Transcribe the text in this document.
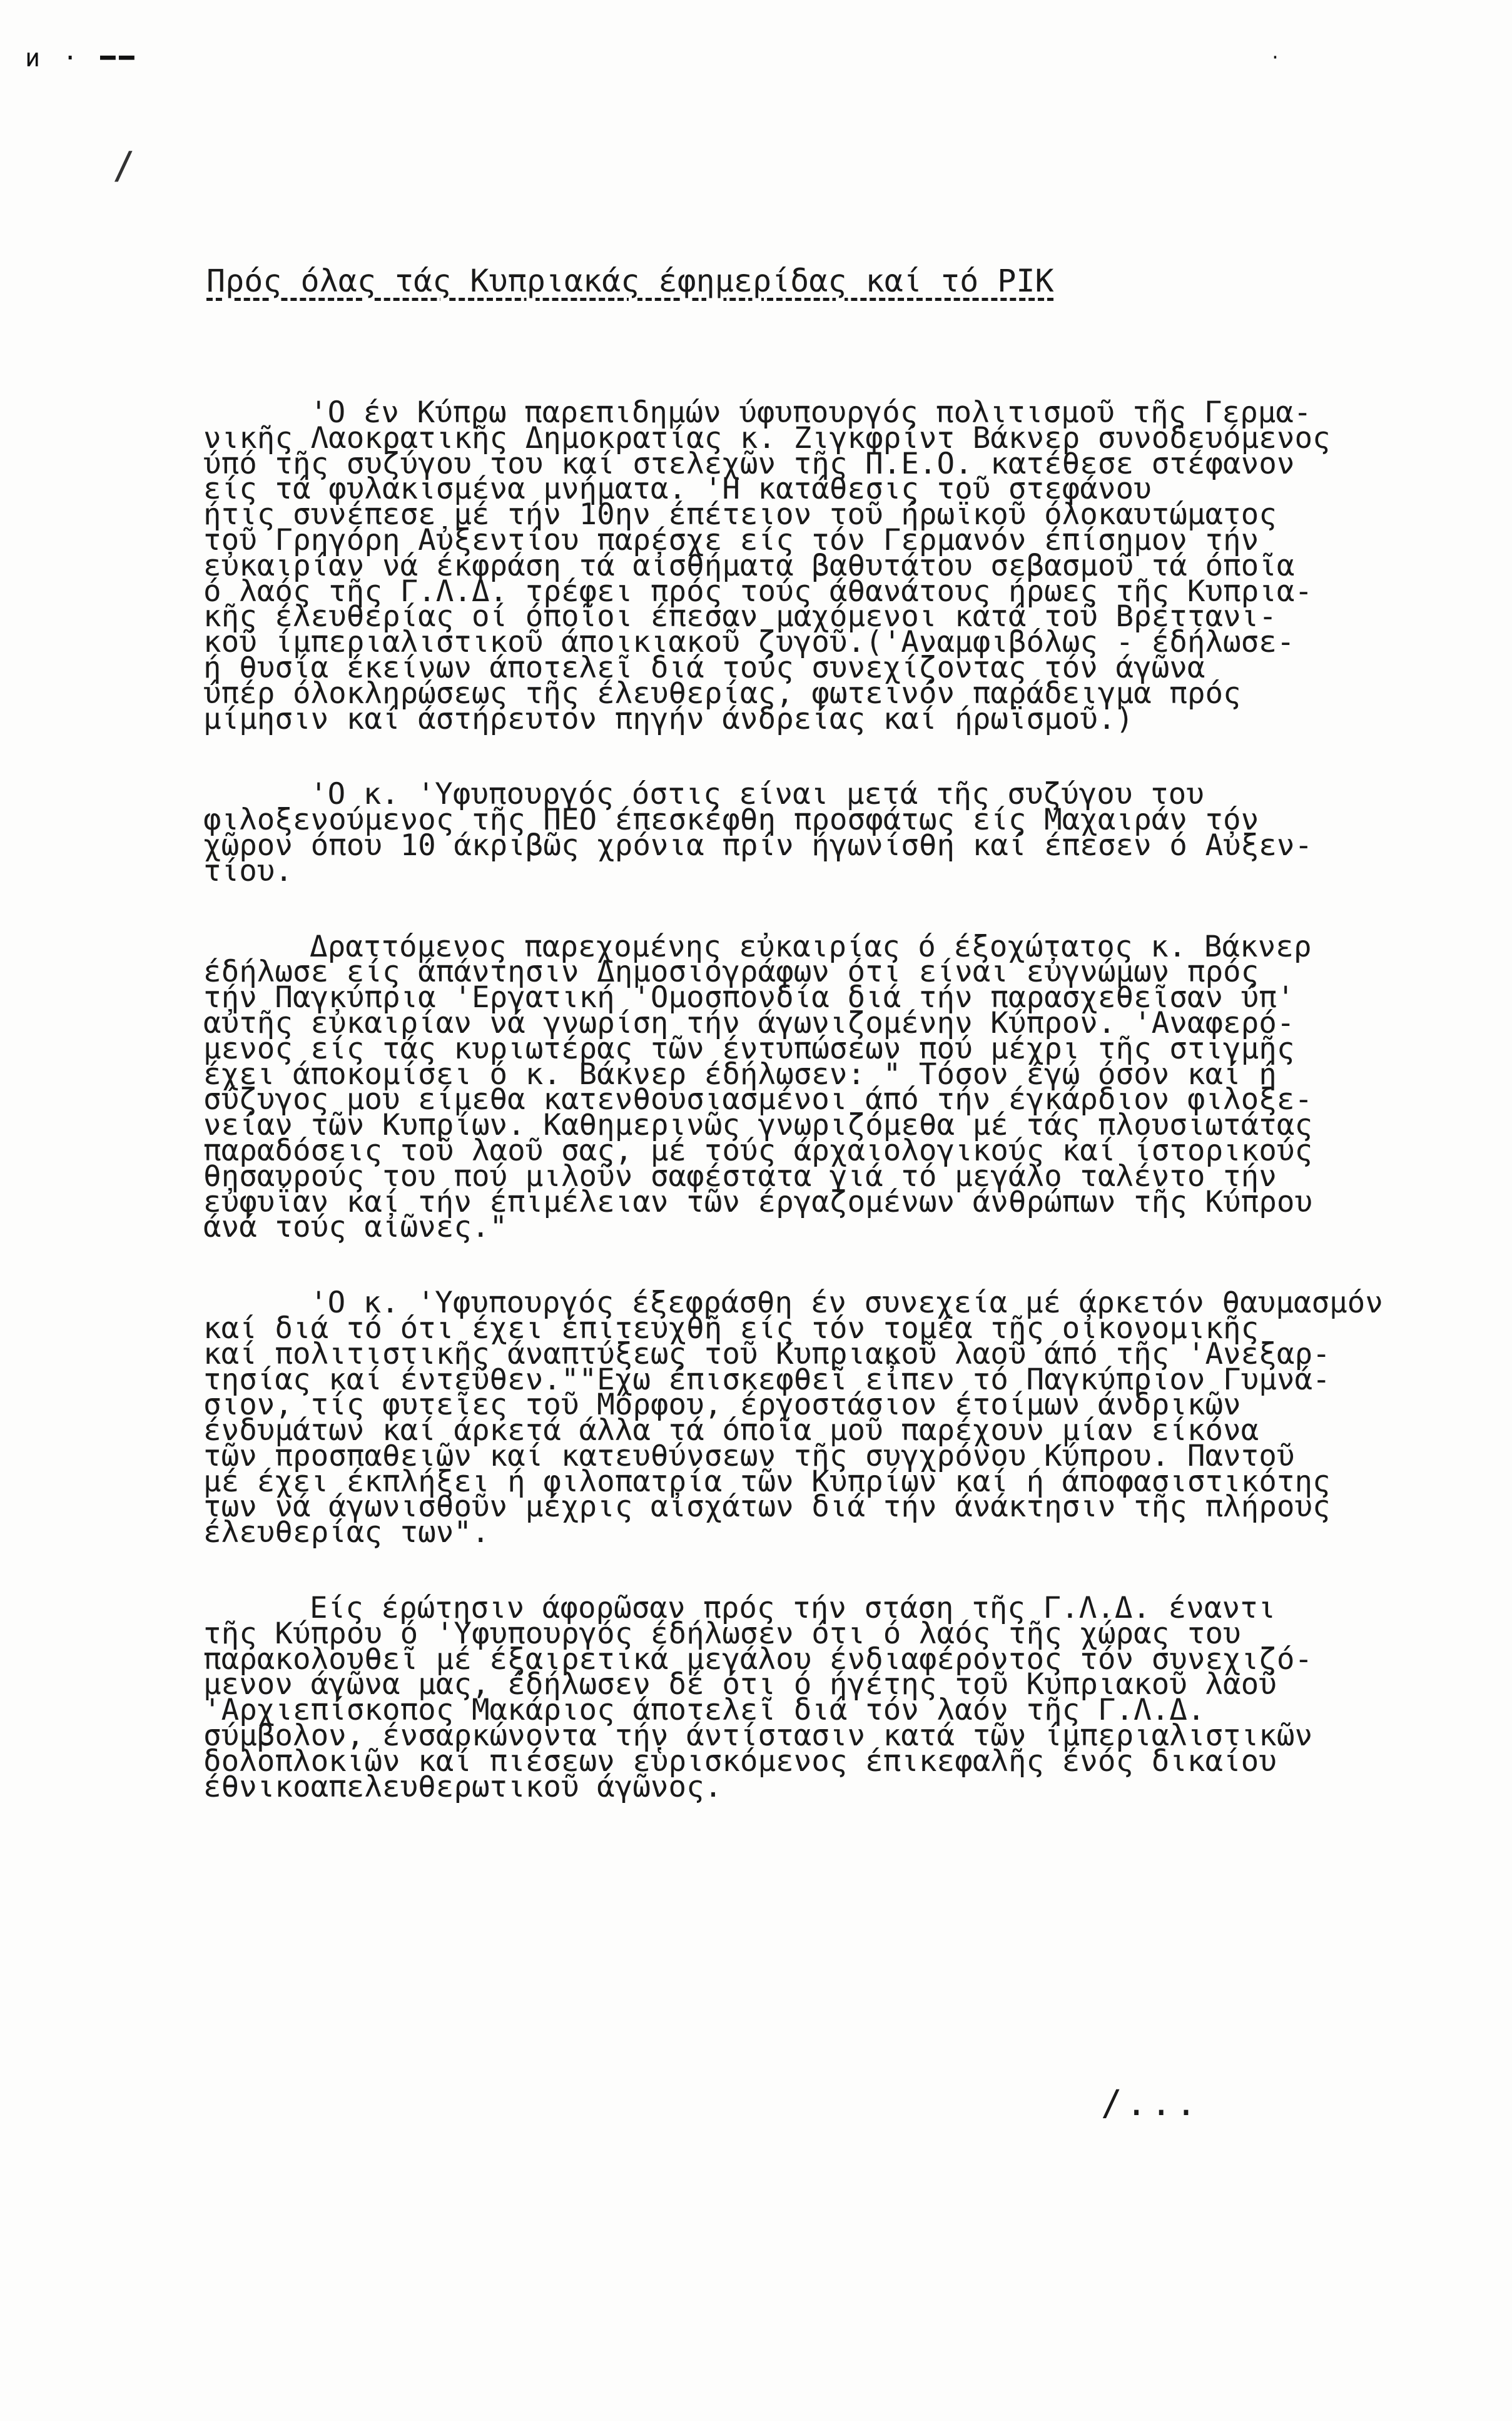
ͷ · ━━
/
·
Πρός όλας τάς Κυπριακάς έφημερίδας καί τό ΡΙΚ
'Ο έν Κύπρω παρεπιδημών ύφυπουργός πολιτισμοῦ τῆς Γερμα-
νικῆς Λαοκρατικῆς Δημοκρατίας κ. Ζιγκφρίντ Βάκνερ συνοδευόμενος
ύπό τῆς συζύγου του καί στελεχῶν τῆς Π.Ε.Ο. κατέθεσε στέφανον
είς τά φυλακισμένα μνήματα. 'Η κατάθεσις τοῦ στεφάνου
ήτις συνέπεσε μέ τήν 10ην έπέτειον τοῦ ήρωϊκοῦ όλοκαυτώματος
τοῦ Γρηγόρη Αὐξεντίου παρέσχε είς τόν Γερμανόν έπίσημον τήν
εὐκαιρίαν νά έκφράση τά αἰσθήματα βαθυτάτου σεβασμοῦ τά όποῖα
ό λαός τῆς Γ.Λ.Δ. τρέφει πρός τούς άθανάτους ήρωες τῆς Κυπρια-
κῆς έλευθερίας οί όποῖοι έπεσαν μαχόμενοι κατά τοῦ Βρεττανι-
κοῦ ίμπεριαλιστικοῦ άποικιακοῦ ζυγοῦ.('Αναμφιβόλως - έδήλωσε-
ή θυσία έκείνων άποτελεῖ διά τούς συνεχίζοντας τόν άγῶνα
ύπέρ όλοκληρώσεως τῆς έλευθερίας, φωτεινόν παράδειγμα πρός
μίμησιν καί άστήρευτον πηγήν άνδρείας καί ήρωϊσμοῦ.)
'Ο κ. 'Υφυπουργός όστις είναι μετά τῆς συζύγου του
φιλοξενούμενος τῆς ΠΕΟ έπεσκέφθη προσφάτως είς Μαχαιράν τόν
χῶρον όπου 10 άκριβῶς χρόνια πρίν ήγωνίσθη καί έπεσεν ό Αὐξεν-
τίου.
Δραττόμενος παρεχομένης εὐκαιρίας ό έξοχώτατος κ. Βάκνερ
έδήλωσε είς άπάντησιν Δημοσιογράφων ότι είναι εὐγνώμων πρός
τήν Παγκύπρια 'Εργατική 'Ομοσπονδία διά τήν παρασχεθεῖσαν ύπ'
αὐτῆς εὐκαιρίαν νά γνωρίση τήν άγωνιζομένην Κύπρον. 'Αναφερό-
μενος είς τάς κυριωτέρας τῶν έντυπώσεων πού μέχρι τῆς στιγμῆς
έχει άποκομίσει ό κ. Βάκνερ έδήλωσεν: " Τόσον έγώ όσον καί ή
σύζυγος μου είμεθα κατενθουσιασμένοι άπό τήν έγκάρδιον φιλοξε-
νείαν τῶν Κυπρίων. Καθημερινῶς γνωριζόμεθα μέ τάς πλουσιωτάτας
παραδόσεις τοῦ λαοῦ σας, μέ τούς άρχαιολογικούς καί ίστορικούς
θησαυρούς του πού μιλοῦν σαφέστατα γιά τό μεγάλο ταλέντο τήν
εὐφυΐαν καί τήν έπιμέλειαν τῶν έργαζομένων άνθρώπων τῆς Κύπρου
άνά τούς αἰῶνες."
'Ο κ. 'Υφυπουργός έξεφράσθη έν συνεχεία μέ άρκετόν θαυμασμόν
καί διά τό ότι έχει έπιτευχθῆ είς τόν τομέα τῆς οἰκονομικῆς
καί πολιτιστικῆς άναπτύξεως τοῦ Κυπριακοῦ λαοῦ άπό τῆς 'Ανεξαρ-
τησίας καί έντεῦθεν.""Εχω έπισκεφθεῖ εἶπεν τό Παγκύπριον Γυμνά-
σιον, τίς φυτεῖες τοῦ Μόρφου, έργοστάσιον έτοίμων άνδρικῶν
ένδυμάτων καί άρκετά άλλα τά όποῖα μοῦ παρέχουν μίαν είκόνα
τῶν προσπαθειῶν καί κατευθύνσεων τῆς συγχρόνου Κύπρου. Παντοῦ
μέ έχει έκπλήξει ή φιλοπατρία τῶν Κυπρίων καί ή άποφασιστικότης
των νά άγωνισθοῦν μέχρις αἰσχάτων διά τήν άνάκτησιν τῆς πλήρους
έλευθερίας των".
Είς έρώτησιν άφορῶσαν πρός τήν στάση τῆς Γ.Λ.Δ. έναντι
τῆς Κύπρου ό 'Υφυπουργός έδήλωσεν ότι ό λαός τῆς χώρας του
παρακολουθεῖ μέ έξαιρετικά μεγάλου ένδιαφέροντος τόν συνεχιζό-
μενον άγῶνα μας, έδήλωσεν δέ ότι ό ήγέτης τοῦ Κυπριακοῦ λαοῦ
'Αρχιεπίσκοπος Μακάριος άποτελεῖ διά τόν λαόν τῆς Γ.Λ.Δ.
σύμβολον, ένσαρκώνοντα τήν άντίστασιν κατά τῶν ίμπεριαλιστικῶν
δολοπλοκιῶν καί πιέσεων εὑρισκόμενος έπικεφαλῆς ένός δικαίου
έθνικοαπελευθερωτικοῦ άγῶνος.
/...
